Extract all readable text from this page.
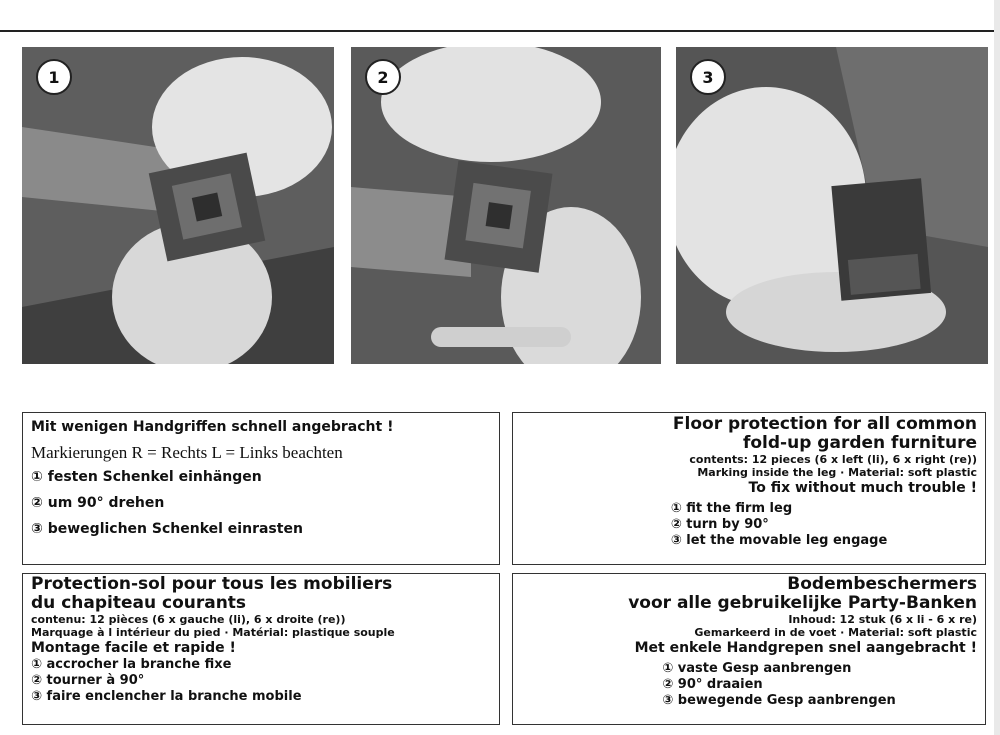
1	2	3
Mit wenigen Handgriffen schnell angebracht !
Markierungen R = Rechts L = Links beachten
① festen Schenkel einhängen
② um 90° drehen
③ beweglichen Schenkel einrasten
Floor protection for all common
fold-up garden furniture
contents: 12 pieces (6 x left (li), 6 x right (re))
Marking inside the leg · Material: soft plastic
To fix without much trouble !
① fit the firm leg
② turn by 90°
③ let the movable leg engage
Protection-sol pour tous les mobiliers
du chapiteau courants
contenu: 12 pièces (6 x gauche (li), 6 x droite (re))
Marquage à l intérieur du pied · Matérial: plastique souple
Montage facile et rapide !
① accrocher la branche fixe
② tourner à 90°
③ faire enclencher la branche mobile
Bodembeschermers
voor alle gebruikelijke Party-Banken
Inhoud: 12 stuk (6 x li - 6 x re)
Gemarkeerd in de voet · Material: soft plastic
Met enkele Handgrepen snel aangebracht !
① vaste Gesp aanbrengen
② 90° draaien
③ bewegende Gesp aanbrengen
